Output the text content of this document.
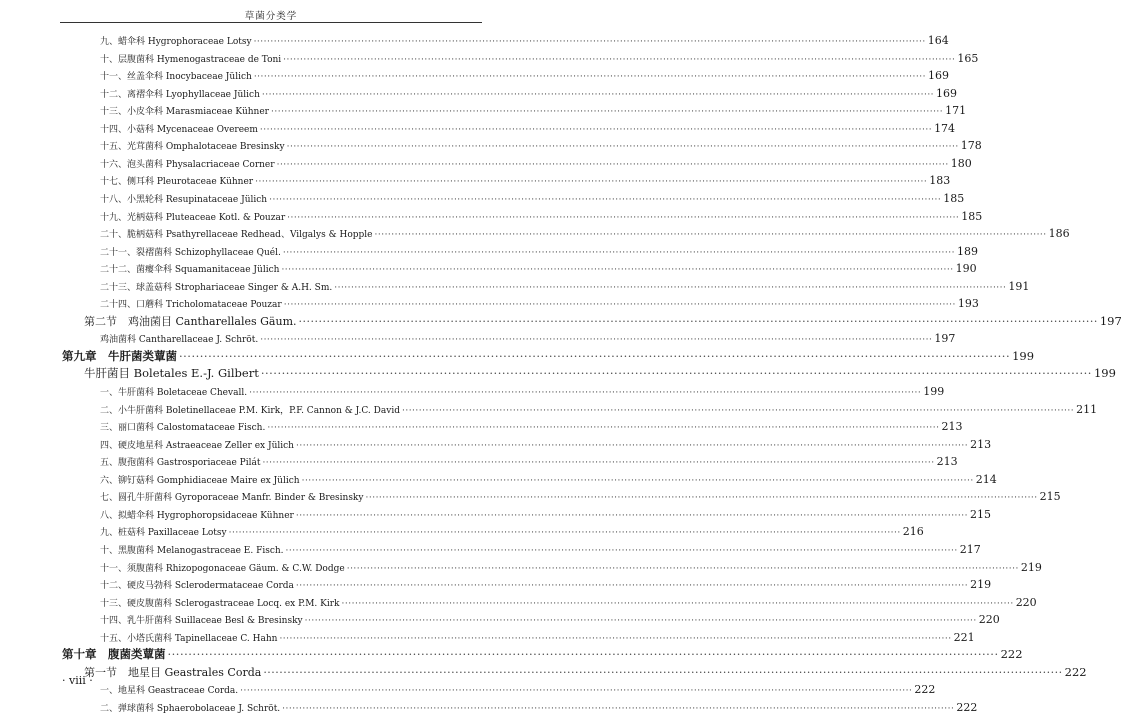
草菌分类学
九、蜡伞科 Hygrophoraceae Lotsy ········································································································································································································ 164
十、层腹菌科 Hymenogastraceae de Toni ········································································································································································································ 165
十一、丝盖伞科 Inocybaceae Jülich ········································································································································································································ 169
十二、离褶伞科 Lyophyllaceae Jülich ········································································································································································································ 169
十三、小皮伞科 Marasmiaceae Kühner ········································································································································································································ 171
十四、小菇科 Mycenaceae Overeem ········································································································································································································ 174
十五、光茸菌科 Omphalotaceae Bresinsky ········································································································································································································ 178
十六、泡头菌科 Physalacriaceae Corner ········································································································································································································ 180
十七、侧耳科 Pleurotaceae Kühner ········································································································································································································ 183
十八、小黑轮科 Resupinataceae Jülich ········································································································································································································ 185
十九、光柄菇科 Pluteaceae Kotl. & Pouzar ········································································································································································································ 185
二十、脆柄菇科 Psathyrellaceae Redhead、Vilgalys & Hopple ········································································································································································································ 186
二十一、裂褶菌科 Schizophyllaceae Quél. ········································································································································································································ 189
二十二、菌瘿伞科 Squamanitaceae Jülich ········································································································································································································ 190
二十三、球盖菇科 Strophariaceae Singer & A.H. Sm. ········································································································································································································ 191
二十四、口蘑科 Tricholomataceae Pouzar ········································································································································································································ 193
第二节　鸡油菌目 Cantharellales Gäum. ········································································································································································································ 197
鸡油菌科 Cantharellaceae J. Schröt. ········································································································································································································ 197
第九章　牛肝菌类蕈菌 ········································································································································································································ 199
牛肝菌目 Boletales E.-J. Gilbert ········································································································································································································ 199
一、牛肝菌科 Boletaceae Chevall. ········································································································································································································ 199
二、小牛肝菌科 Boletinellaceae P.M. Kirk，P.F. Cannon & J.C. David ········································································································································································································ 211
三、丽口菌科 Calostomataceae Fisch. ········································································································································································································ 213
四、硬皮地星科 Astraeaceae Zeller ex Jülich ········································································································································································································ 213
五、腹孢菌科 Gastrosporiaceae Pilát ········································································································································································································ 213
六、铆钉菇科 Gomphidiaceae Maire ex Jülich ········································································································································································································ 214
七、圆孔牛肝菌科 Gyroporaceae Manfr. Binder & Bresinsky ········································································································································································································ 215
八、拟蜡伞科 Hygrophoropsidaceae Kühner ········································································································································································································ 215
九、桩菇科 Paxillaceae Lotsy ········································································································································································································ 216
十、黑腹菌科 Melanogastraceae E. Fisch. ········································································································································································································ 217
十一、须腹菌科 Rhizopogonaceae Gäum. & C.W. Dodge ········································································································································································································ 219
十二、硬皮马勃科 Sclerodermataceae Corda ········································································································································································································ 219
十三、硬皮腹菌科 Sclerogastraceae Locq. ex P.M. Kirk ········································································································································································································ 220
十四、乳牛肝菌科 Suillaceae Besl & Bresinsky ········································································································································································································ 220
十五、小塔氏菌科 Tapinellaceae C. Hahn ········································································································································································································ 221
第十章　腹菌类蕈菌 ········································································································································································································ 222
第一节　地星目 Geastrales Corda ········································································································································································································ 222
一、地星科 Geastraceae Corda. ········································································································································································································ 222
二、弹球菌科 Sphaerobolaceae J. Schröt. ········································································································································································································ 222
· viii ·
